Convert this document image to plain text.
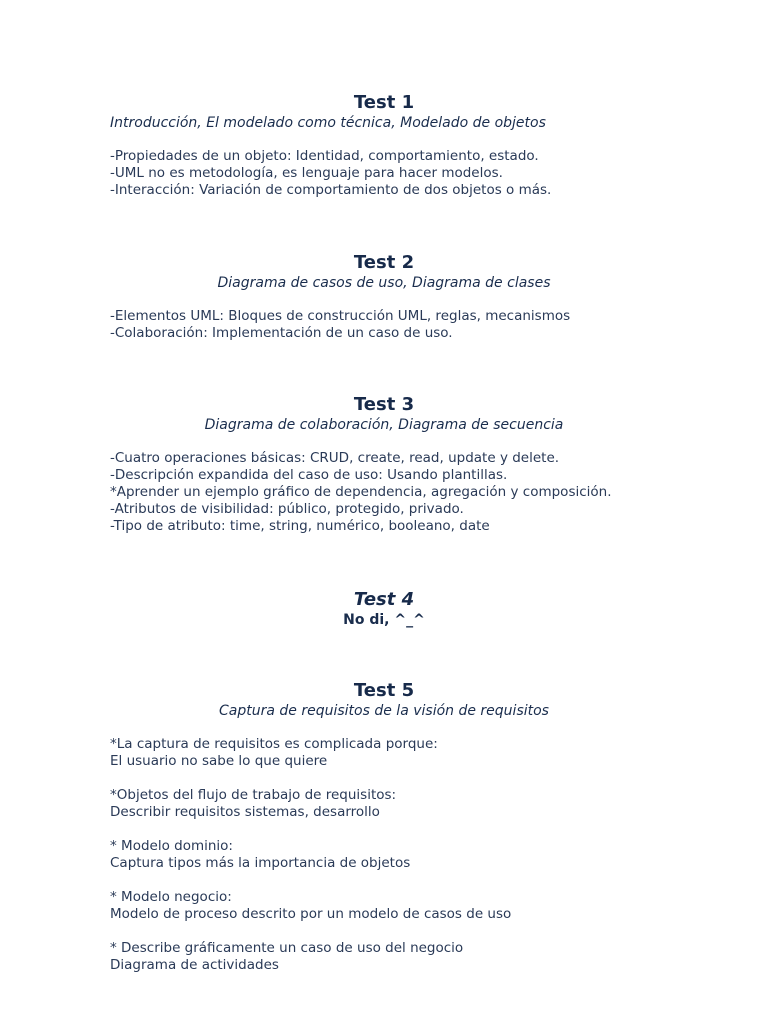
Test 1

Introducción, El modelado como técnica, Modelado de objetos

-Propiedades de un objeto: Identidad, comportamiento, estado.

-UML no es metodología, es lenguaje para hacer modelos.

-Interacción: Variación de comportamiento de dos objetos o más.

Test 2

Diagrama de casos de uso, Diagrama de clases

-Elementos UML: Bloques de construcción UML, reglas, mecanismos

-Colaboración: Implementación de un caso de uso.

Test 3

Diagrama de colaboración, Diagrama de secuencia

-Cuatro operaciones básicas: CRUD, create, read, update y delete.

-Descripción expandida del caso de uso: Usando plantillas.

*Aprender un ejemplo gráfico de dependencia, agregación y composición.

-Atributos de visibilidad: público, protegido, privado.

-Tipo de atributo: time, string, numérico, booleano, date

Test 4

No di, ^_^

Test 5

Captura de requisitos de la visión de requisitos

*La captura de requisitos es complicada porque:

El usuario no sabe lo que quiere

*Objetos del flujo de trabajo de requisitos:

Describir requisitos sistemas, desarrollo

* Modelo dominio:

Captura tipos más la importancia de objetos

* Modelo negocio:

Modelo de proceso descrito por un modelo de casos de uso

* Describe gráficamente un caso de uso del negocio

Diagrama de actividades
